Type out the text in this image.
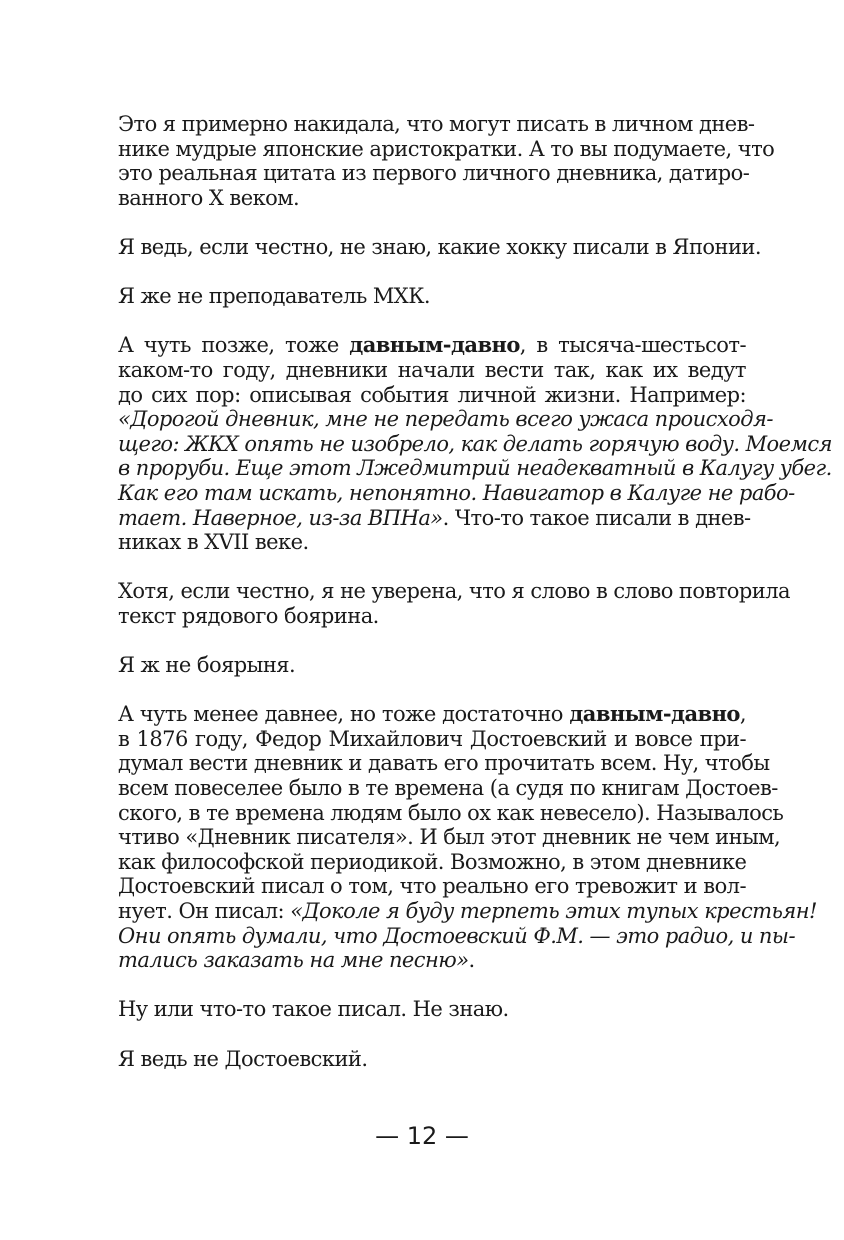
Это я примерно накидала, что могут писать в личном днев-
нике мудрые японские аристократки. А то вы подумаете, что
это реальная цитата из первого личного дневника, датиро-
ванного X веком.

Я ведь, если честно, не знаю, какие хокку писали в Японии.

Я же не преподаватель МХК.

А чуть позже, тоже давным-давно, в тысяча-шестьсот-
каком-то году, дневники начали вести так, как их ведут
до сих пор: описывая события личной жизни. Например:
«Дорогой дневник, мне не передать всего ужаса происходя-
щего: ЖКХ опять не изобрело, как делать горячую воду. Моемся
в проруби. Еще этот Лжедмитрий неадекватный в Калугу убег.
Как его там искать, непонятно. Навигатор в Калуге не рабо-
тает. Наверное, из-за ВПНа». Что-то такое писали в днев-
никах в XVII веке.

Хотя, если честно, я не уверена, что я слово в слово повторила
текст рядового боярина.

Я ж не боярыня.

А чуть менее давнее, но тоже достаточно давным-давно,
в 1876 году, Федор Михайлович Достоевский и вовсе при-
думал вести дневник и давать его прочитать всем. Ну, чтобы
всем повеселее было в те времена (а судя по книгам Достоев-
ского, в те времена людям было ох как невесело). Называлось
чтиво «Дневник писателя». И был этот дневник не чем иным,
как философской периодикой. Возможно, в этом дневнике
Достоевский писал о том, что реально его тревожит и вол-
нует. Он писал: «Доколе я буду терпеть этих тупых крестьян!
Они опять думали, что Достоевский Ф.М. — это радио, и пы-
тались заказать на мне песню».

Ну или что-то такое писал. Не знаю.

Я ведь не Достоевский.

— 12 —
